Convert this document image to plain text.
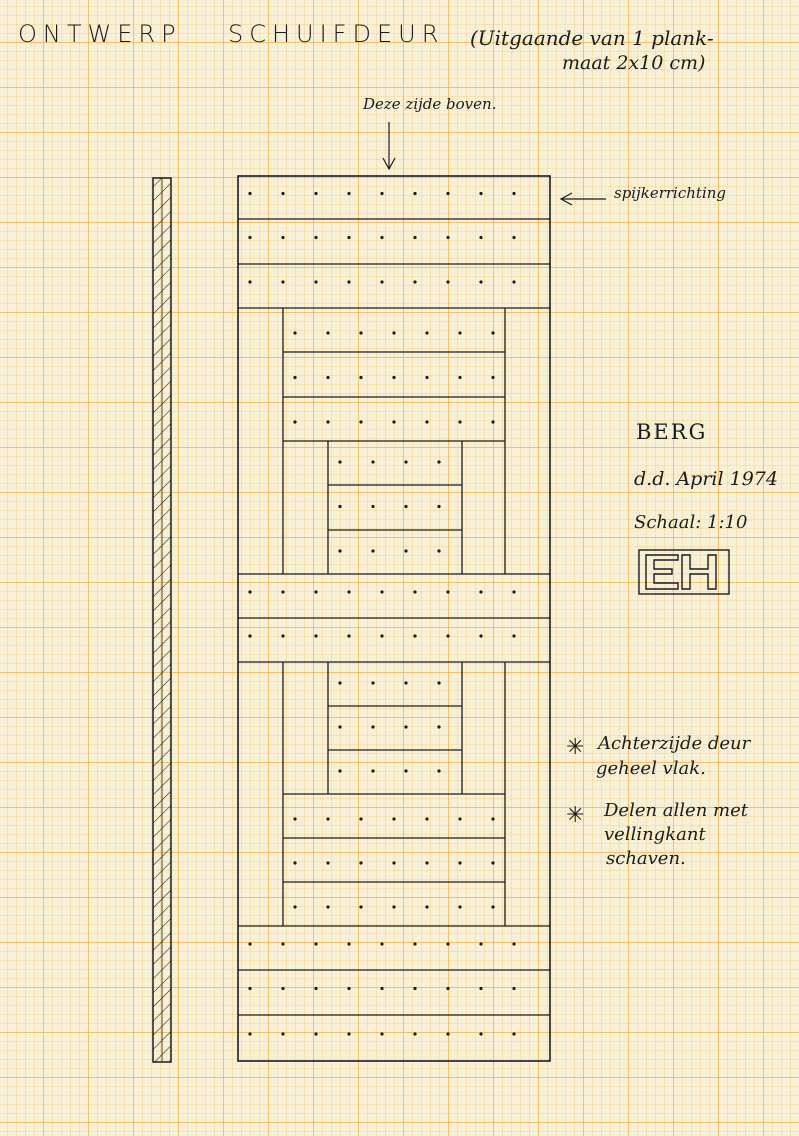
ONTWERP SCHUIFDEUR (Uitgaande van 1 plank-
maat 2x10 cm)
Deze zijde boven.
spijkerrichting
BERG
d.d. April 1974
Schaal: 1:10
✳ Achterzijde deur
geheel vlak.
✳ Delen allen met
vellingkant
schaven.
